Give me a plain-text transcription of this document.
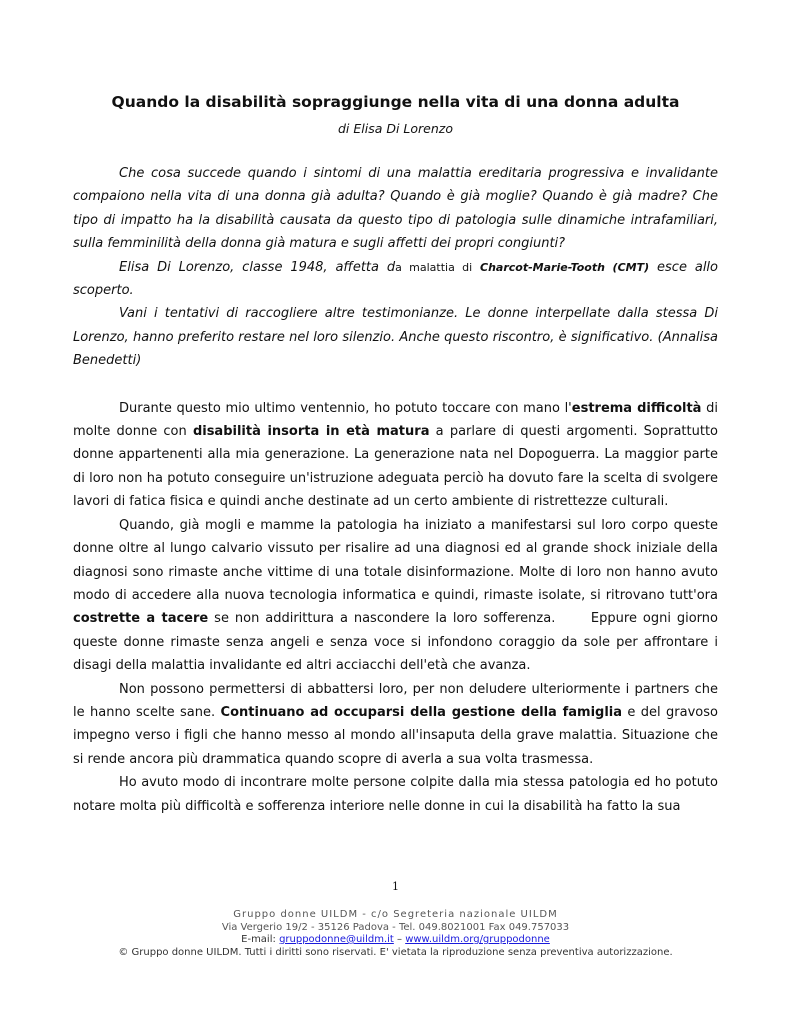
Quando la disabilità sopraggiunge nella vita di una donna adulta
di Elisa Di Lorenzo

Che cosa succede quando i sintomi di una malattia ereditaria progressiva e invalidante compaiono nella vita di una donna già adulta? Quando è già moglie? Quando è già madre? Che tipo di impatto ha la disabilità causata da questo tipo di patologia sulle dinamiche intrafamiliari, sulla femminilità della donna già matura e sugli affetti dei propri congiunti?

Elisa Di Lorenzo, classe 1948, affetta da malattia di Charcot-Marie-Tooth (CMT) esce allo scoperto.

Vani i tentativi di raccogliere altre testimonianze. Le donne interpellate dalla stessa Di Lorenzo, hanno preferito restare nel loro silenzio. Anche questo riscontro, è significativo. (Annalisa Benedetti)

Durante questo mio ultimo ventennio, ho potuto toccare con mano l'estrema difficoltà di molte donne con disabilità insorta in età matura a parlare di questi argomenti. Soprattutto donne appartenenti alla mia generazione. La generazione nata nel Dopoguerra. La maggior parte di loro non ha potuto conseguire un'istruzione adeguata perciò ha dovuto fare la scelta di svolgere lavori di fatica fisica e quindi anche destinate ad un certo ambiente di ristrettezze culturali.

Quando, già mogli e mamme la patologia ha iniziato a manifestarsi sul loro corpo queste donne oltre al lungo calvario vissuto per risalire ad una diagnosi ed al grande shock iniziale della diagnosi sono rimaste anche vittime di una totale disinformazione. Molte di loro non hanno avuto modo di accedere alla nuova tecnologia informatica e quindi, rimaste isolate, si ritrovano tutt'ora costrette a tacere se non addirittura a nascondere la loro sofferenza.      Eppure ogni giorno queste donne rimaste senza angeli e senza voce si infondono coraggio da sole per affrontare i disagi della malattia invalidante ed altri acciacchi dell'età che avanza.

Non possono permettersi di abbattersi loro, per non deludere ulteriormente i partners che le hanno scelte sane. Continuano ad occuparsi della gestione della famiglia e del gravoso impegno verso i figli che hanno messo al mondo all'insaputa della grave malattia. Situazione che si rende ancora più drammatica quando scopre di averla a sua volta trasmessa.

Ho avuto modo di incontrare molte persone colpite dalla mia stessa patologia ed ho potuto notare molta più difficoltà e sofferenza interiore nelle donne in cui la disabilità ha fatto la sua

1
Gruppo donne UILDM - c/o Segreteria nazionale UILDM
Via Vergerio 19/2 - 35126 Padova - Tel. 049.8021001 Fax 049.757033
E-mail: gruppodonne@uildm.it – www.uildm.org/gruppodonne
© Gruppo donne UILDM. Tutti i diritti sono riservati. E' vietata la riproduzione senza preventiva autorizzazione.
